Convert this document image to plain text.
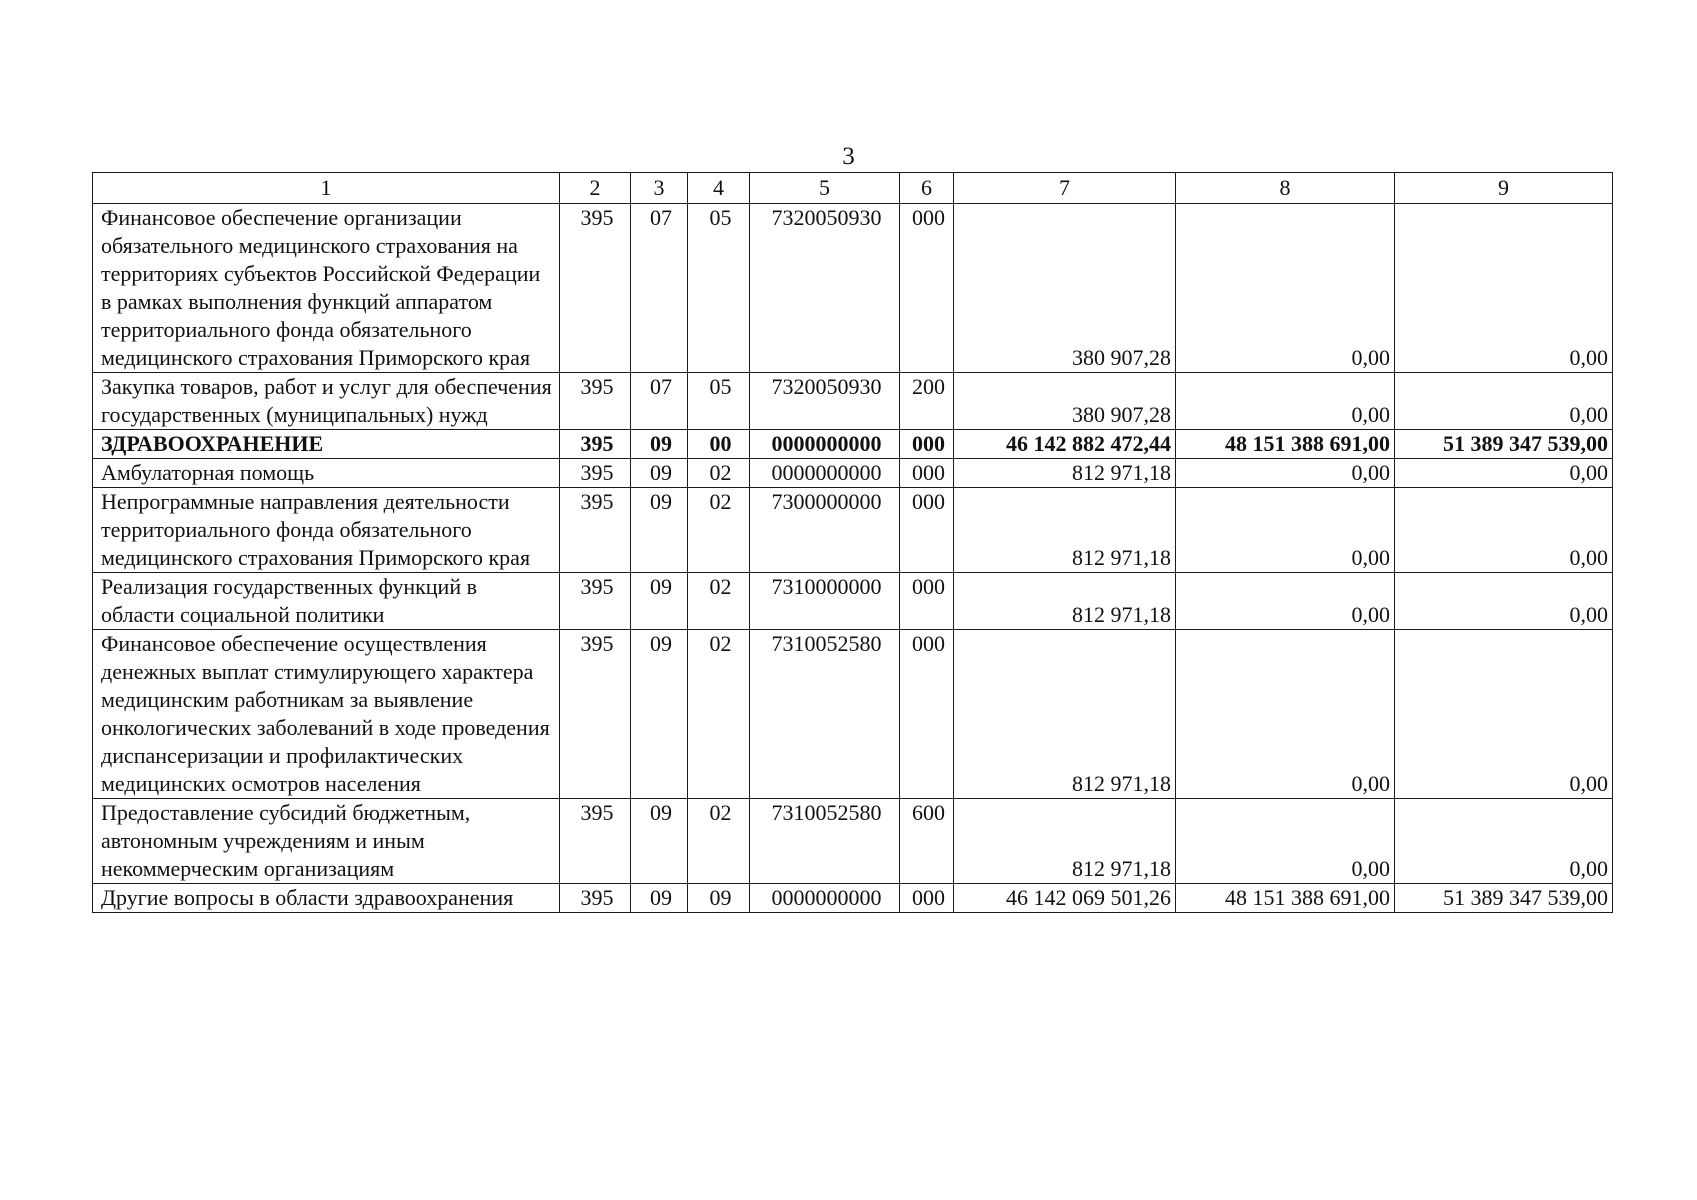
3
1	2	3	4	5	6	7	8	9
Финансовое обеспечение организации обязательного медицинского страхования на территориях субъектов Российской Федерации в рамках выполнения функций аппаратом территориального фонда обязательного медицинского страхования Приморского края	395	07	05	7320050930	000	380 907,28	0,00	0,00
Закупка товаров, работ и услуг для обеспечения государственных (муниципальных) нужд	395	07	05	7320050930	200	380 907,28	0,00	0,00
ЗДРАВООХРАНЕНИЕ	395	09	00	0000000000	000	46 142 882 472,44	48 151 388 691,00	51 389 347 539,00
Амбулаторная помощь	395	09	02	0000000000	000	812 971,18	0,00	0,00
Непрограммные направления деятельности территориального фонда обязательного медицинского страхования Приморского края	395	09	02	7300000000	000	812 971,18	0,00	0,00
Реализация государственных функций в области социальной политики	395	09	02	7310000000	000	812 971,18	0,00	0,00
Финансовое обеспечение осуществления денежных выплат стимулирующего характера медицинским работникам за выявление онкологических заболеваний в ходе проведения диспансеризации и профилактических медицинских осмотров населения	395	09	02	7310052580	000	812 971,18	0,00	0,00
Предоставление субсидий бюджетным, автономным учреждениям и иным некоммерческим организациям	395	09	02	7310052580	600	812 971,18	0,00	0,00
Другие вопросы в области здравоохранения	395	09	09	0000000000	000	46 142 069 501,26	48 151 388 691,00	51 389 347 539,00
